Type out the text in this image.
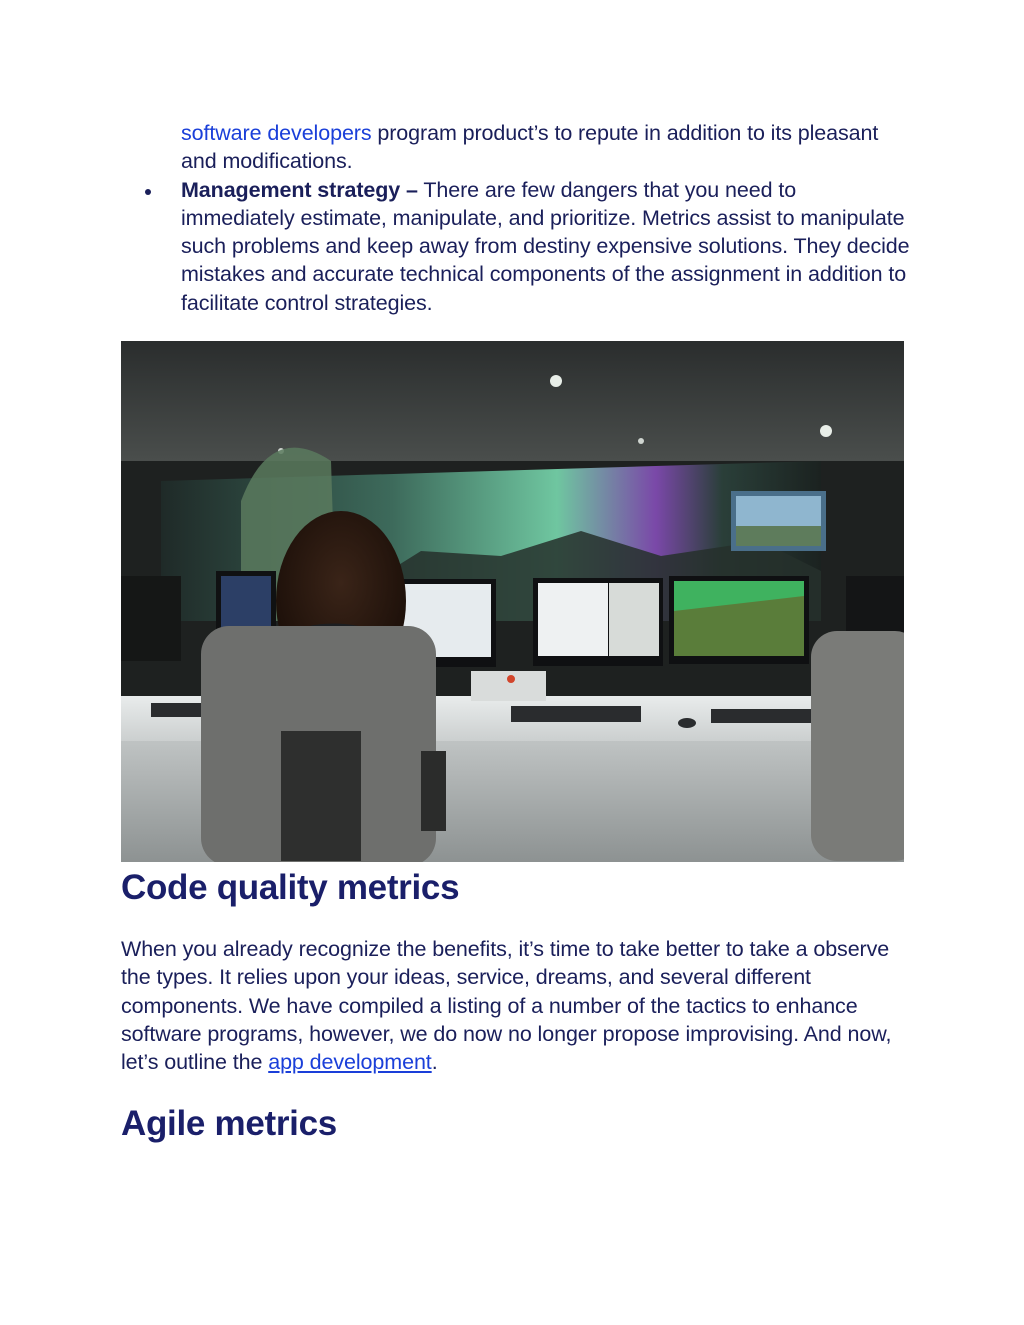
software developers program product’s to repute in addition to its pleasant and modifications.
Management strategy – There are few dangers that you need to immediately estimate, manipulate, and prioritize. Metrics assist to manipulate such problems and keep away from destiny expensive solutions. They decide mistakes and accurate technical components of the assignment in addition to facilitate control strategies.
Code quality metrics

When you already recognize the benefits, it’s time to take better to take a observe the types. It relies upon your ideas, service, dreams, and several different components. We have compiled a listing of a number of the tactics to enhance software programs, however, we do now no longer propose improvising. And now, let’s outline the app development.

Agile metrics
